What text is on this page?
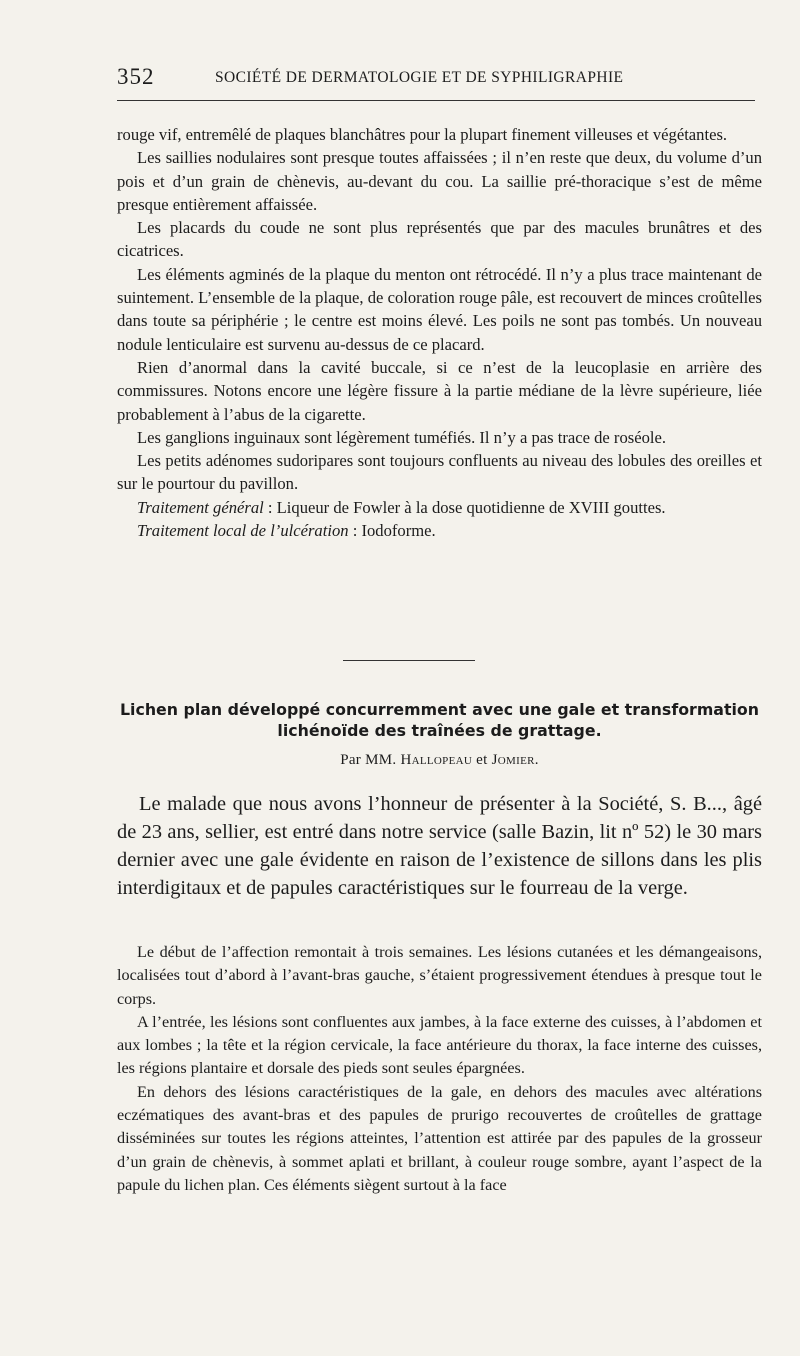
352	SOCIÉTÉ DE DERMATOLOGIE ET DE SYPHILIGRAPHIE

rouge vif, entremêlé de plaques blanchâtres pour la plupart finement villeuses et végétantes.

Les saillies nodulaires sont presque toutes affaissées ; il n’en reste que deux, du volume d’un pois et d’un grain de chènevis, au-devant du cou. La saillie pré-thoracique s’est de même presque entièrement affaissée.

Les placards du coude ne sont plus représentés que par des macules brunâtres et des cicatrices.

Les éléments agminés de la plaque du menton ont rétrocédé. Il n’y a plus trace maintenant de suintement. L’ensemble de la plaque, de coloration rouge pâle, est recouvert de minces croûtelles dans toute sa périphérie ; le centre est moins élevé. Les poils ne sont pas tombés. Un nouveau nodule lenticulaire est survenu au-dessus de ce placard.

Rien d’anormal dans la cavité buccale, si ce n’est de la leucoplasie en arrière des commissures. Notons encore une légère fissure à la partie médiane de la lèvre supérieure, liée probablement à l’abus de la cigarette.

Les ganglions inguinaux sont légèrement tuméfiés. Il n’y a pas trace de roséole.

Les petits adénomes sudoripares sont toujours confluents au niveau des lobules des oreilles et sur le pourtour du pavillon.

Traitement général : Liqueur de Fowler à la dose quotidienne de XVIII gouttes.

Traitement local de l’ulcération : Iodoforme.

Lichen plan développé concurremment avec une gale et transformation lichénoïde des traînées de grattage.
Par MM. Hallopeau et Jomier.

Le malade que nous avons l’honneur de présenter à la Société, S. B..., âgé de 23 ans, sellier, est entré dans notre service (salle Bazin, lit nº 52) le 30 mars dernier avec une gale évidente en raison de l’existence de sillons dans les plis interdigitaux et de papules caractéristiques sur le fourreau de la verge.

Le début de l’affection remontait à trois semaines. Les lésions cutanées et les démangeaisons, localisées tout d’abord à l’avant-bras gauche, s’étaient progressivement étendues à presque tout le corps.

A l’entrée, les lésions sont confluentes aux jambes, à la face externe des cuisses, à l’abdomen et aux lombes ; la tête et la région cervicale, la face antérieure du thorax, la face interne des cuisses, les régions plantaire et dorsale des pieds sont seules épargnées.

En dehors des lésions caractéristiques de la gale, en dehors des macules avec altérations eczématiques des avant-bras et des papules de prurigo recouvertes de croûtelles de grattage disséminées sur toutes les régions atteintes, l’attention est attirée par des papules de la grosseur d’un grain de chènevis, à sommet aplati et brillant, à couleur rouge sombre, ayant l’aspect de la papule du lichen plan. Ces éléments siègent surtout à la face
